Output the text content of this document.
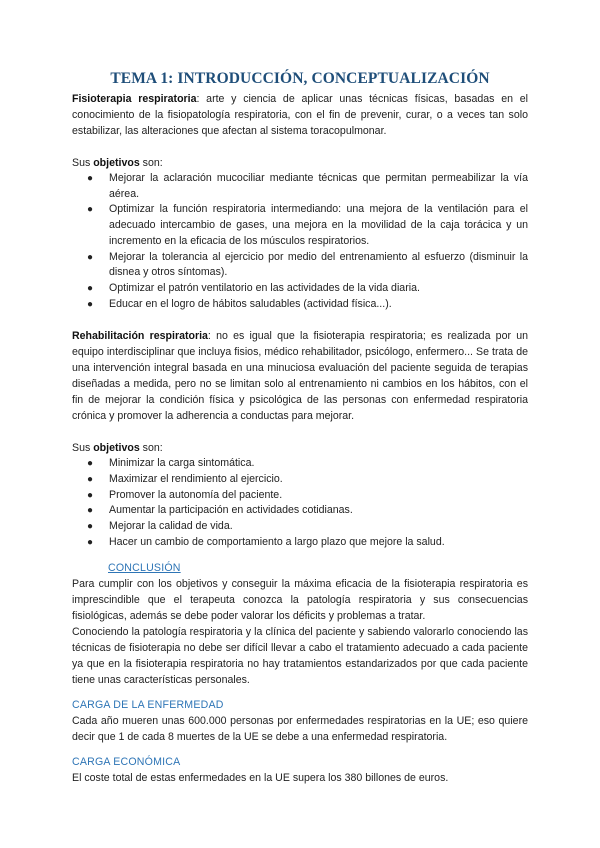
TEMA 1: INTRODUCCIÓN, CONCEPTUALIZACIÓN

Fisioterapia respiratoria: arte y ciencia de aplicar unas técnicas físicas, basadas en el conocimiento de la fisiopatología respiratoria, con el fin de prevenir, curar, o a veces tan solo estabilizar, las alteraciones que afectan al sistema toracopulmonar.

Sus objetivos son:

● Mejorar la aclaración mucociliar mediante técnicas que permitan permeabilizar la vía aérea.
● Optimizar la función respiratoria intermediando: una mejora de la ventilación para el adecuado intercambio de gases, una mejora en la movilidad de la caja torácica y un incremento en la eficacia de los músculos respiratorios.
● Mejorar la tolerancia al ejercicio por medio del entrenamiento al esfuerzo (disminuir la disnea y otros síntomas).
● Optimizar el patrón ventilatorio en las actividades de la vida diaria.
● Educar en el logro de hábitos saludables (actividad física...).

Rehabilitación respiratoria: no es igual que la fisioterapia respiratoria; es realizada por un equipo interdisciplinar que incluya fisios, médico rehabilitador, psicólogo, enfermero... Se trata de una intervención integral basada en una minuciosa evaluación del paciente seguida de terapias diseñadas a medida, pero no se limitan solo al entrenamiento ni cambios en los hábitos, con el fin de mejorar la condición física y psicológica de las personas con enfermedad respiratoria crónica y promover la adherencia a conductas para mejorar.

Sus objetivos son:

● Minimizar la carga sintomática.
● Maximizar el rendimiento al ejercicio.
● Promover la autonomía del paciente.
● Aumentar la participación en actividades cotidianas.
● Mejorar la calidad de vida.
● Hacer un cambio de comportamiento a largo plazo que mejore la salud.
CONCLUSIÓN

Para cumplir con los objetivos y conseguir la máxima eficacia de la fisioterapia respiratoria es imprescindible que el terapeuta conozca la patología respiratoria y sus consecuencias fisiológicas, además se debe poder valorar los déficits y problemas a tratar.

Conociendo la patología respiratoria y la clínica del paciente y sabiendo valorarlo conociendo las técnicas de fisioterapia no debe ser difícil llevar a cabo el tratamiento adecuado a cada paciente ya que en la fisioterapia respiratoria no hay tratamientos estandarizados por que cada paciente tiene unas características personales.

CARGA DE LA ENFERMEDAD

Cada año mueren unas 600.000 personas por enfermedades respiratorias en la UE; eso quiere decir que 1 de cada 8 muertes de la UE se debe a una enfermedad respiratoria.

CARGA ECONÓMICA

El coste total de estas enfermedades en la UE supera los 380 billones de euros.
